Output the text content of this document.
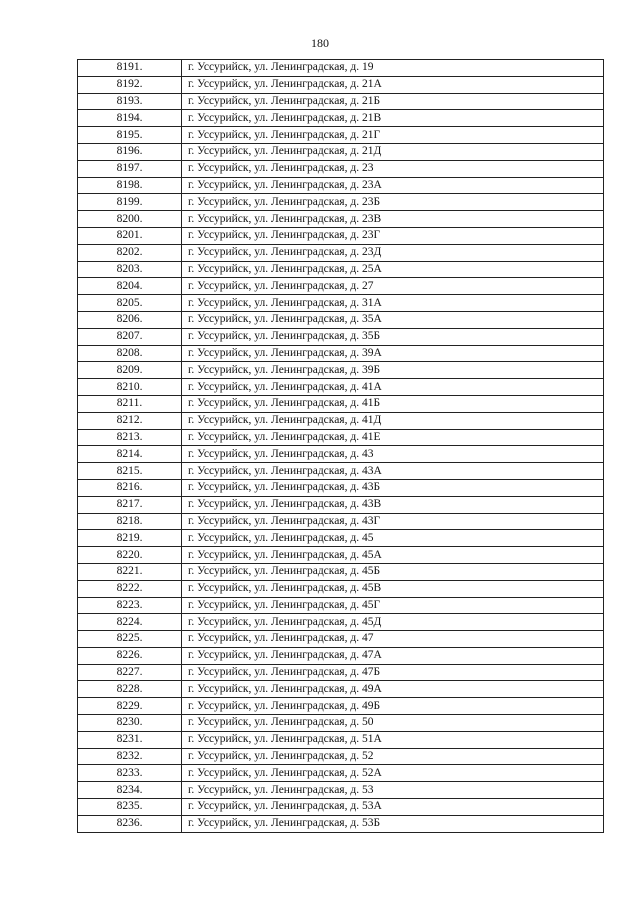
180
8191.	г. Уссурийск, ул. Ленинградская, д. 19
8192.	г. Уссурийск, ул. Ленинградская, д. 21А
8193.	г. Уссурийск, ул. Ленинградская, д. 21Б
8194.	г. Уссурийск, ул. Ленинградская, д. 21В
8195.	г. Уссурийск, ул. Ленинградская, д. 21Г
8196.	г. Уссурийск, ул. Ленинградская, д. 21Д
8197.	г. Уссурийск, ул. Ленинградская, д. 23
8198.	г. Уссурийск, ул. Ленинградская, д. 23А
8199.	г. Уссурийск, ул. Ленинградская, д. 23Б
8200.	г. Уссурийск, ул. Ленинградская, д. 23В
8201.	г. Уссурийск, ул. Ленинградская, д. 23Г
8202.	г. Уссурийск, ул. Ленинградская, д. 23Д
8203.	г. Уссурийск, ул. Ленинградская, д. 25А
8204.	г. Уссурийск, ул. Ленинградская, д. 27
8205.	г. Уссурийск, ул. Ленинградская, д. 31А
8206.	г. Уссурийск, ул. Ленинградская, д. 35А
8207.	г. Уссурийск, ул. Ленинградская, д. 35Б
8208.	г. Уссурийск, ул. Ленинградская, д. 39А
8209.	г. Уссурийск, ул. Ленинградская, д. 39Б
8210.	г. Уссурийск, ул. Ленинградская, д. 41А
8211.	г. Уссурийск, ул. Ленинградская, д. 41Б
8212.	г. Уссурийск, ул. Ленинградская, д. 41Д
8213.	г. Уссурийск, ул. Ленинградская, д. 41Е
8214.	г. Уссурийск, ул. Ленинградская, д. 43
8215.	г. Уссурийск, ул. Ленинградская, д. 43А
8216.	г. Уссурийск, ул. Ленинградская, д. 43Б
8217.	г. Уссурийск, ул. Ленинградская, д. 43В
8218.	г. Уссурийск, ул. Ленинградская, д. 43Г
8219.	г. Уссурийск, ул. Ленинградская, д. 45
8220.	г. Уссурийск, ул. Ленинградская, д. 45А
8221.	г. Уссурийск, ул. Ленинградская, д. 45Б
8222.	г. Уссурийск, ул. Ленинградская, д. 45В
8223.	г. Уссурийск, ул. Ленинградская, д. 45Г
8224.	г. Уссурийск, ул. Ленинградская, д. 45Д
8225.	г. Уссурийск, ул. Ленинградская, д. 47
8226.	г. Уссурийск, ул. Ленинградская, д. 47А
8227.	г. Уссурийск, ул. Ленинградская, д. 47Б
8228.	г. Уссурийск, ул. Ленинградская, д. 49А
8229.	г. Уссурийск, ул. Ленинградская, д. 49Б
8230.	г. Уссурийск, ул. Ленинградская, д. 50
8231.	г. Уссурийск, ул. Ленинградская, д. 51А
8232.	г. Уссурийск, ул. Ленинградская, д. 52
8233.	г. Уссурийск, ул. Ленинградская, д. 52А
8234.	г. Уссурийск, ул. Ленинградская, д. 53
8235.	г. Уссурийск, ул. Ленинградская, д. 53А
8236.	г. Уссурийск, ул. Ленинградская, д. 53Б
